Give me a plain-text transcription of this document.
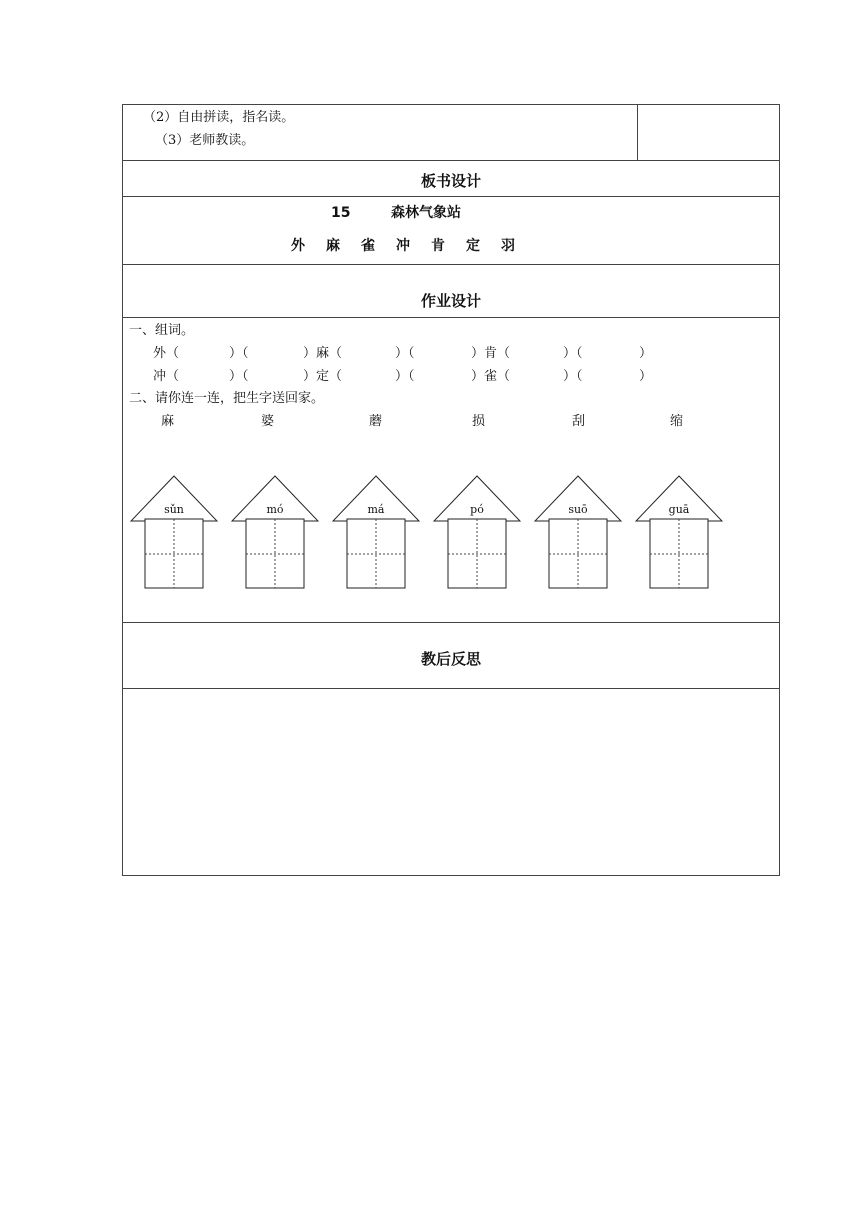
（2）自由拼读，指名读。
（3）老师教读。
板书设计
15	森林气象站
外 麻 雀 冲 肯 定 羽
作业设计
一、组词。
外（	）（	）麻（	）（	）肯（	）（	）
冲（	）（	）定（	）（	）雀（	）（	）
二、请你连一连，把生字送回家。
麻	婆	蘑	损	刮	缩
sǔn	mó	má	pó	suō	guā
教后反思
